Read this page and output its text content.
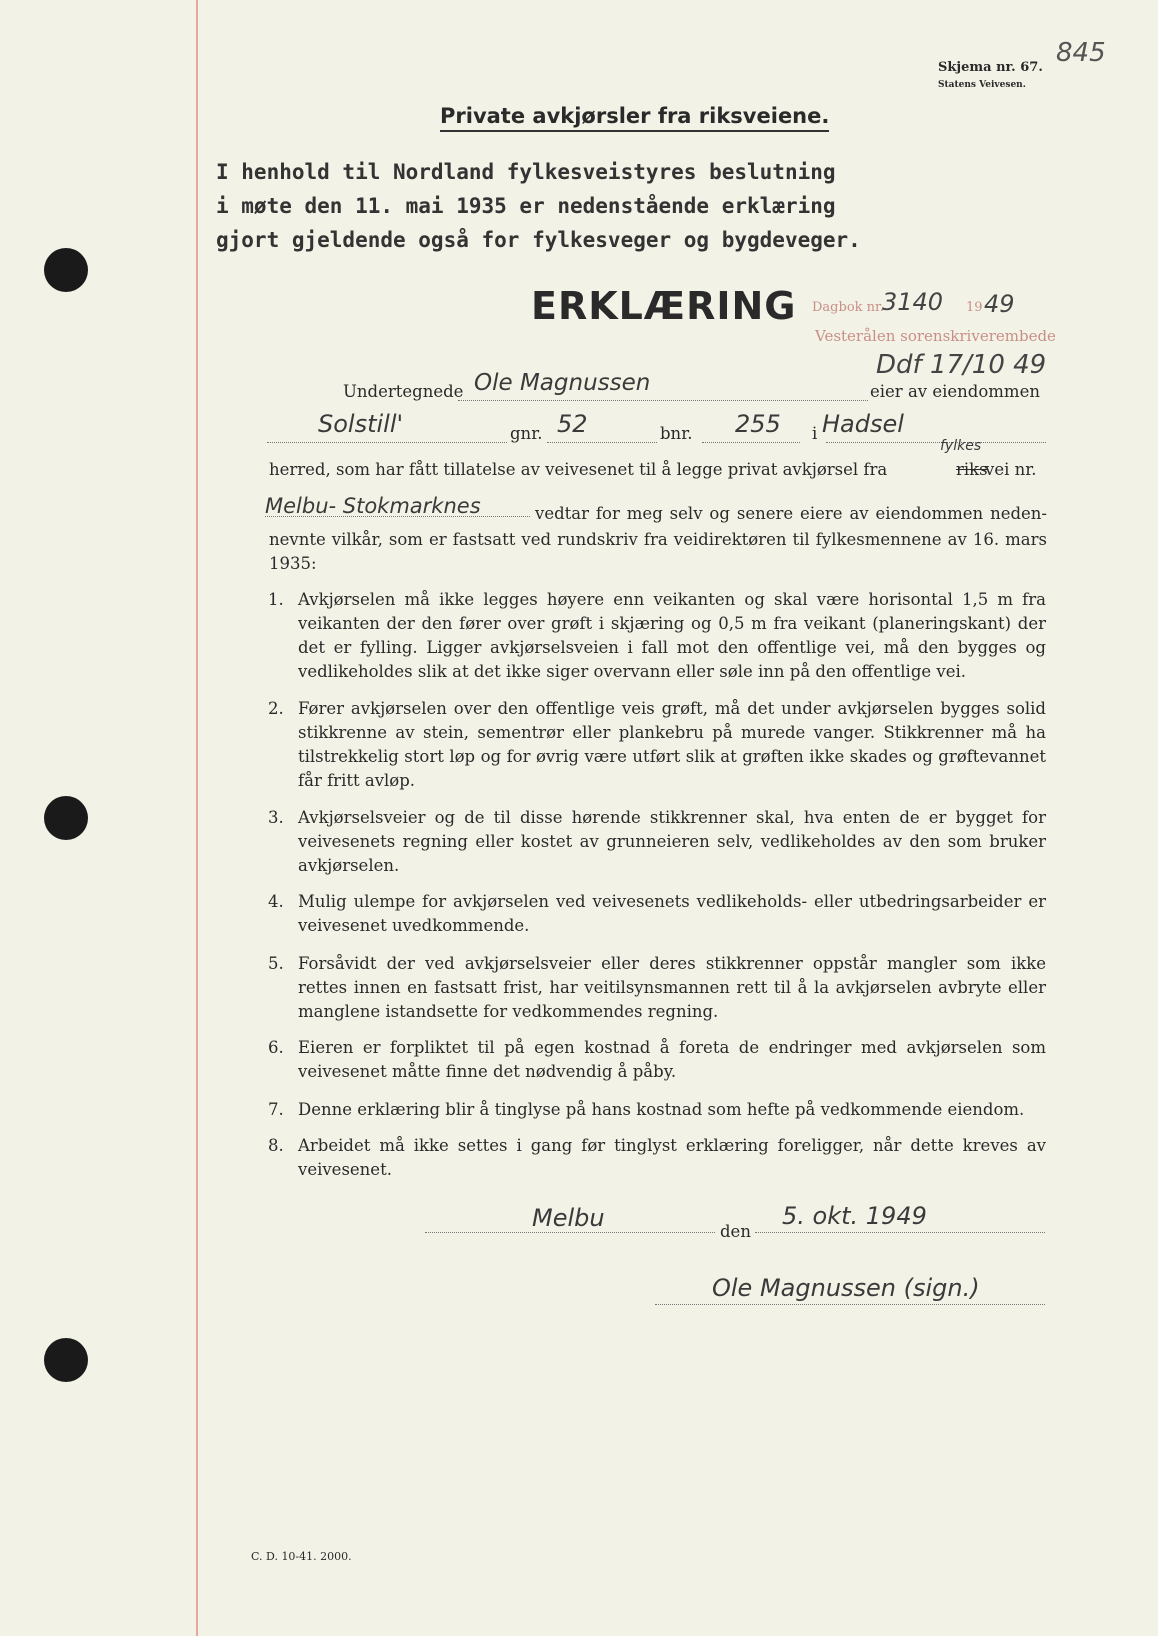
Skjema nr. 67.
Statens Veivesen.
845
Private avkjørsler fra riksveiene.
I henhold til Nordland fylkesveistyres beslutning
i møte den 11. mai 1935 er nedenstående erklæring
gjort gjeldende også for fylkesveger og bygdeveger.
ERKLÆRING Dagbok nr.
3140 19 49
Vesterålen sorenskriverembede
Ddf 17/10 49
Undertegnede Ole Magnussen	eier av eiendommen
Solstill'	gnr. 52	bnr. 255 i Hadsel
herred, som har fått tillatelse av veivesenet til å legge privat avkjørsel fra	riks
fylkes
vei nr.
Melbu- Stokmarknes	vedtar for meg selv og senere eiere av eiendommen neden-
nevnte vilkår, som er fastsatt ved rundskriv fra veidirektøren til fylkesmennene av 16. mars 1935:
1. Avkjørselen må ikke legges høyere enn veikanten og skal være horisontal 1,5 m fra veikanten der den fører over grøft i skjæring og 0,5 m fra veikant (planeringskant) der det er fylling. Ligger avkjørselsveien i fall mot den offentlige vei, må den bygges og vedlikeholdes slik at det ikke siger overvann eller søle inn på den offentlige vei.
2. Fører avkjørselen over den offentlige veis grøft, må det under avkjørselen bygges solid stikkrenne av stein, sementrør eller plankebru på murede vanger. Stikkrenner må ha tilstrekkelig stort løp og for øvrig være utført slik at grøften ikke skades og grøftevannet får fritt avløp.
3. Avkjørselsveier og de til disse hørende stikkrenner skal, hva enten de er bygget for veivesenets regning eller kostet av grunneieren selv, vedlikeholdes av den som bruker avkjørselen.
4. Mulig ulempe for avkjørselen ved veivesenets vedlikeholds- eller utbedringsarbeider er veivesenet uvedkommende.
5. Forsåvidt der ved avkjørselsveier eller deres stikkrenner oppstår mangler som ikke rettes innen en fastsatt frist, har veitilsynsmannen rett til å la avkjørselen avbryte eller manglene istandsette for vedkommendes regning.
6. Eieren er forpliktet til på egen kostnad å foreta de endringer med avkjørselen som veivesenet måtte finne det nødvendig å påby.
7. Denne erklæring blir å tinglyse på hans kostnad som hefte på vedkommende eiendom.
8. Arbeidet må ikke settes i gang før tinglyst erklæring foreligger, når dette kreves av veivesenet.
Melbu	den
5. okt. 1949
Ole Magnussen (sign.)
C. D. 10-41. 2000.
